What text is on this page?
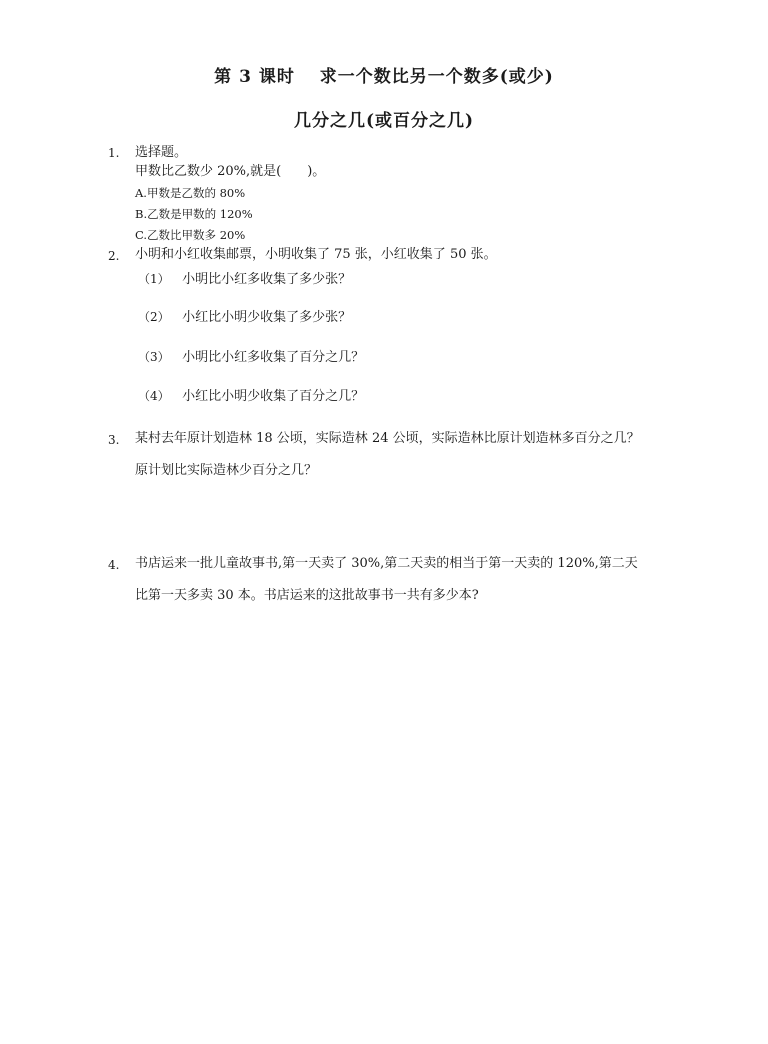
第 3 课时　 求一个数比另一个数多(或少)
几分之几(或百分之几)
1. 选择题。
甲数比乙数少 20%,就是(　　)。
A.甲数是乙数的 80%
B.乙数是甲数的 120%
C.乙数比甲数多 20%
2. 小明和小红收集邮票，小明收集了 75 张，小红收集了 50 张。
（1） 小明比小红多收集了多少张？
（2） 小红比小明少收集了多少张？
（3） 小明比小红多收集了百分之几？
（4） 小红比小明少收集了百分之几？
3. 某村去年原计划造林 18 公顷，实际造林 24 公顷，实际造林比原计划造林多百分之几？
原计划比实际造林少百分之几？
4. 书店运来一批儿童故事书,第一天卖了 30%,第二天卖的相当于第一天卖的 120%,第二天
比第一天多卖 30 本。书店运来的这批故事书一共有多少本?
